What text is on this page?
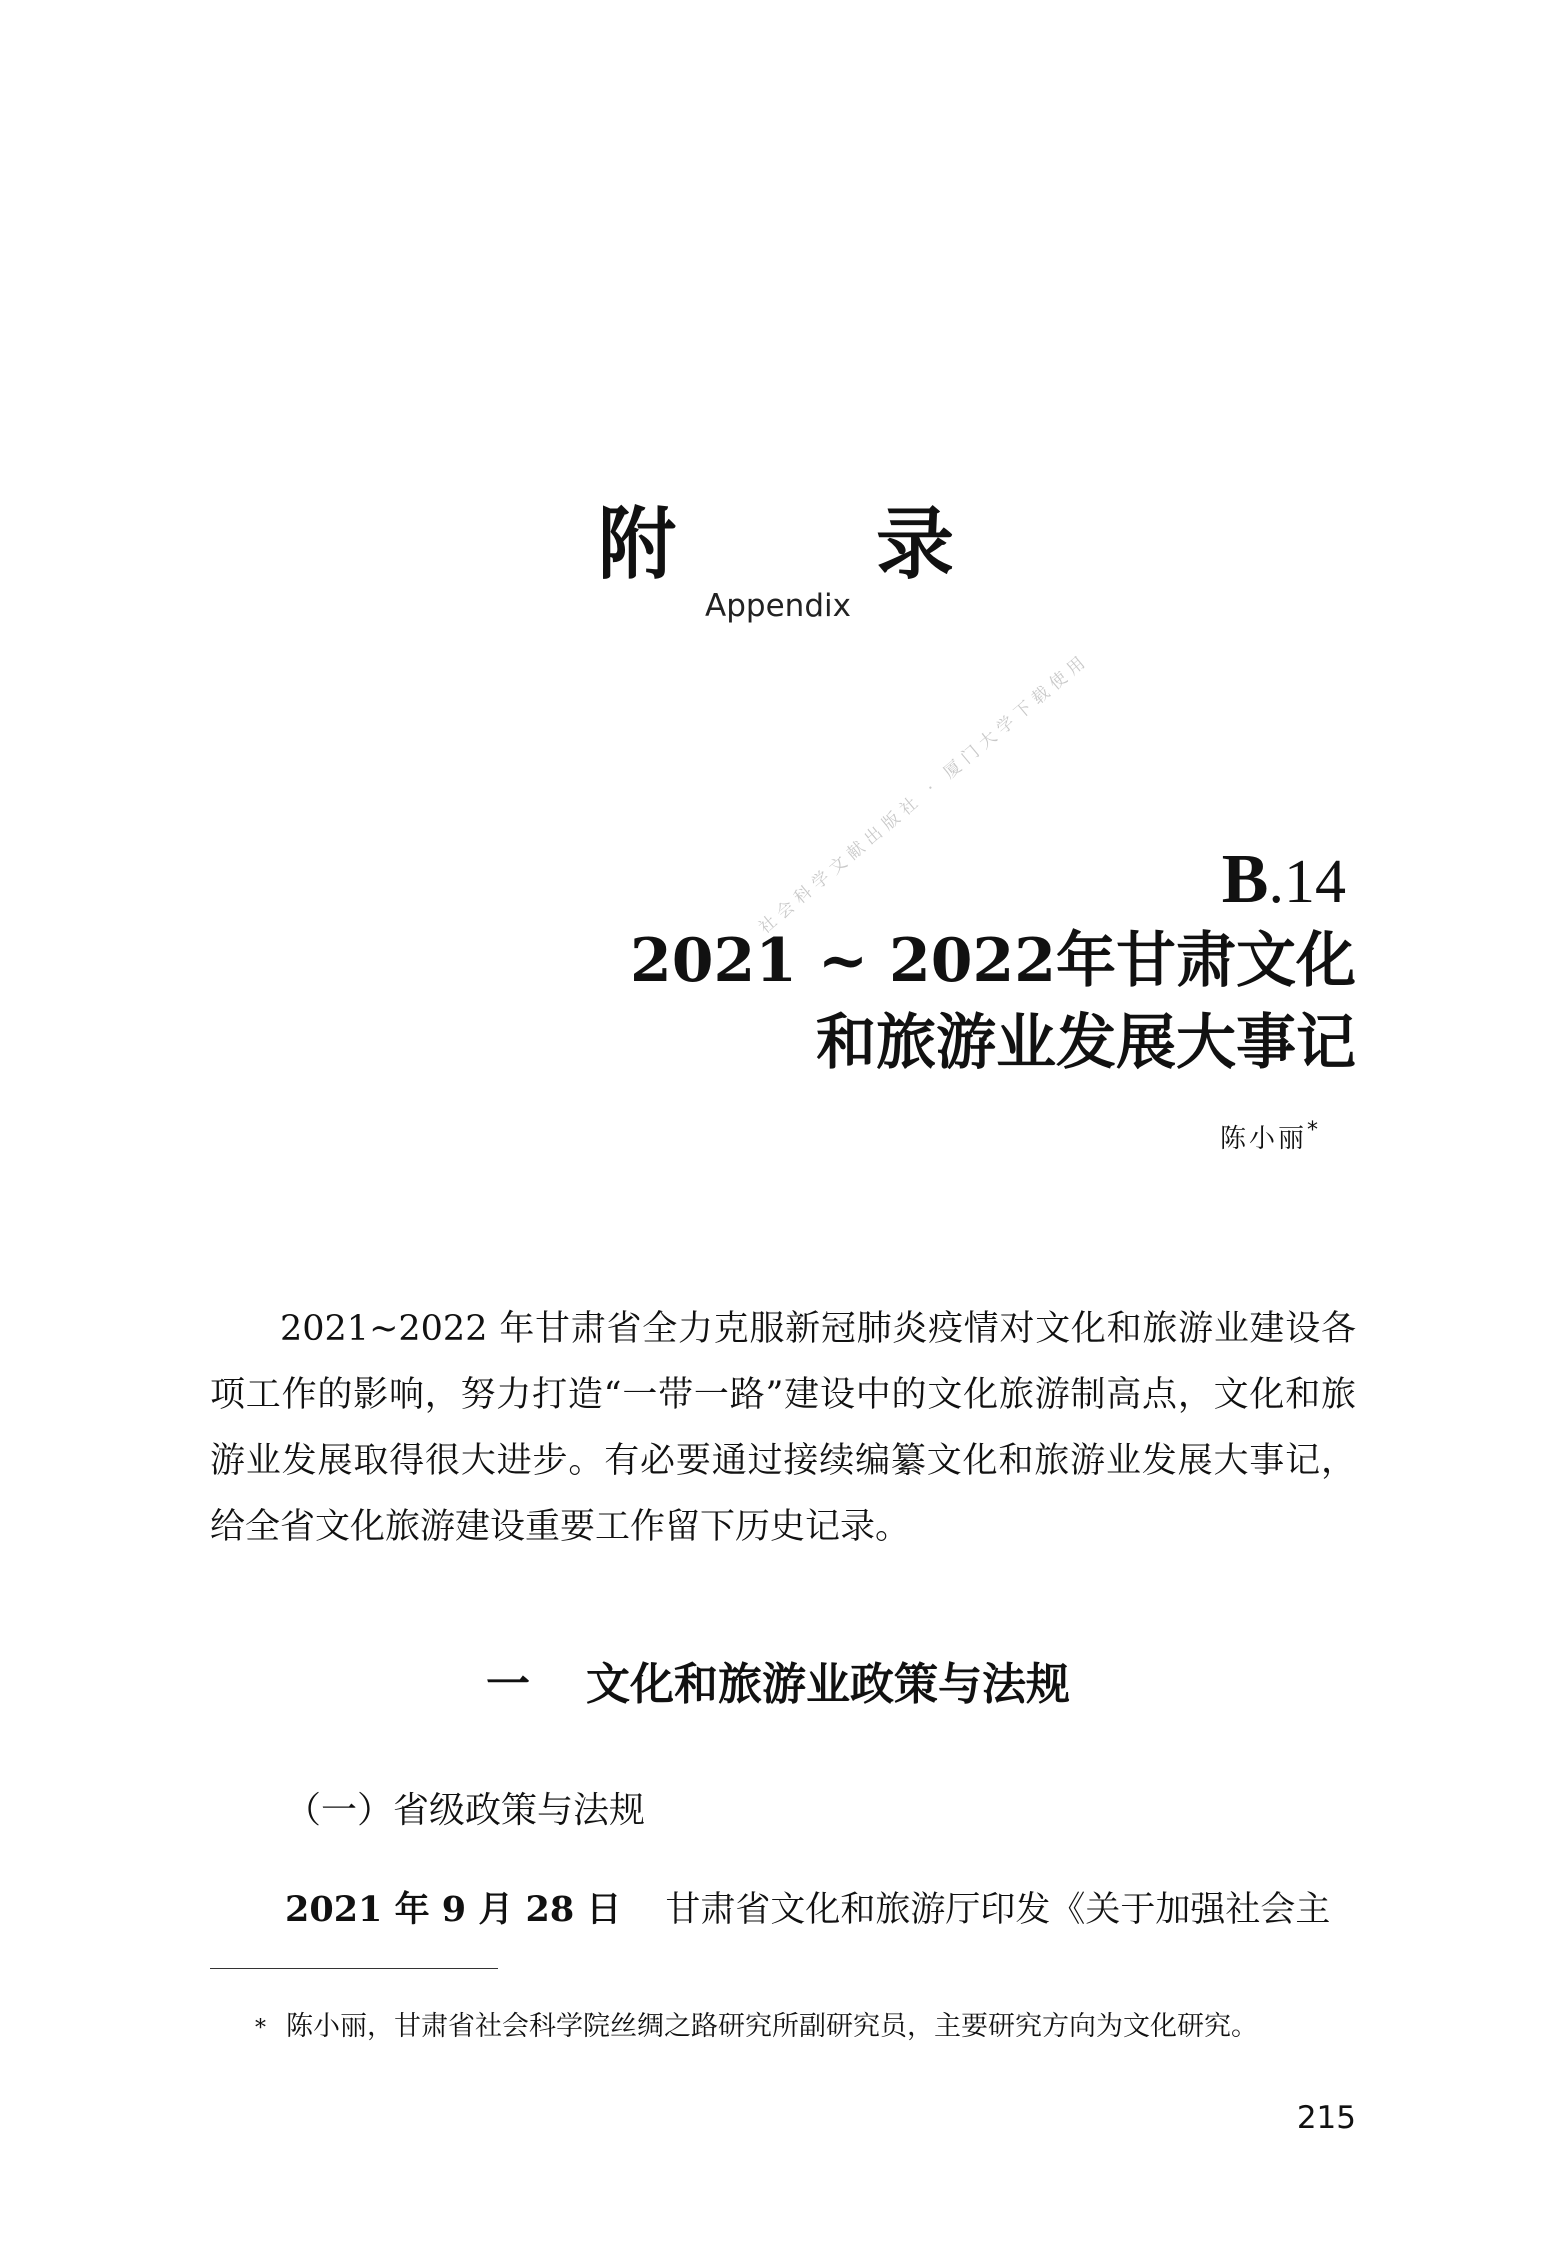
附	录
Appendix
社会科学文献出版社 · 厦门大学下载使用 B.14
2021 ~ 2022年甘肃文化
和旅游业发展大事记
陈小丽*

2021~2022 年甘肃省全力克服新冠肺炎疫情对文化和旅游业建设各项工作的影响，努力打造“一带一路”建设中的文化旅游制高点，文化和旅游业发展取得很大进步。有必要通过接续编纂文化和旅游业发展大事记，给全省文化旅游建设重要工作留下历史记录。

一 文化和旅游业政策与法规
（一）省级政策与法规
2021 年 9 月 28 日 甘肃省文化和旅游厅印发《关于加强社会主
* 陈小丽，甘肃省社会科学院丝绸之路研究所副研究员，主要研究方向为文化研究。
215
